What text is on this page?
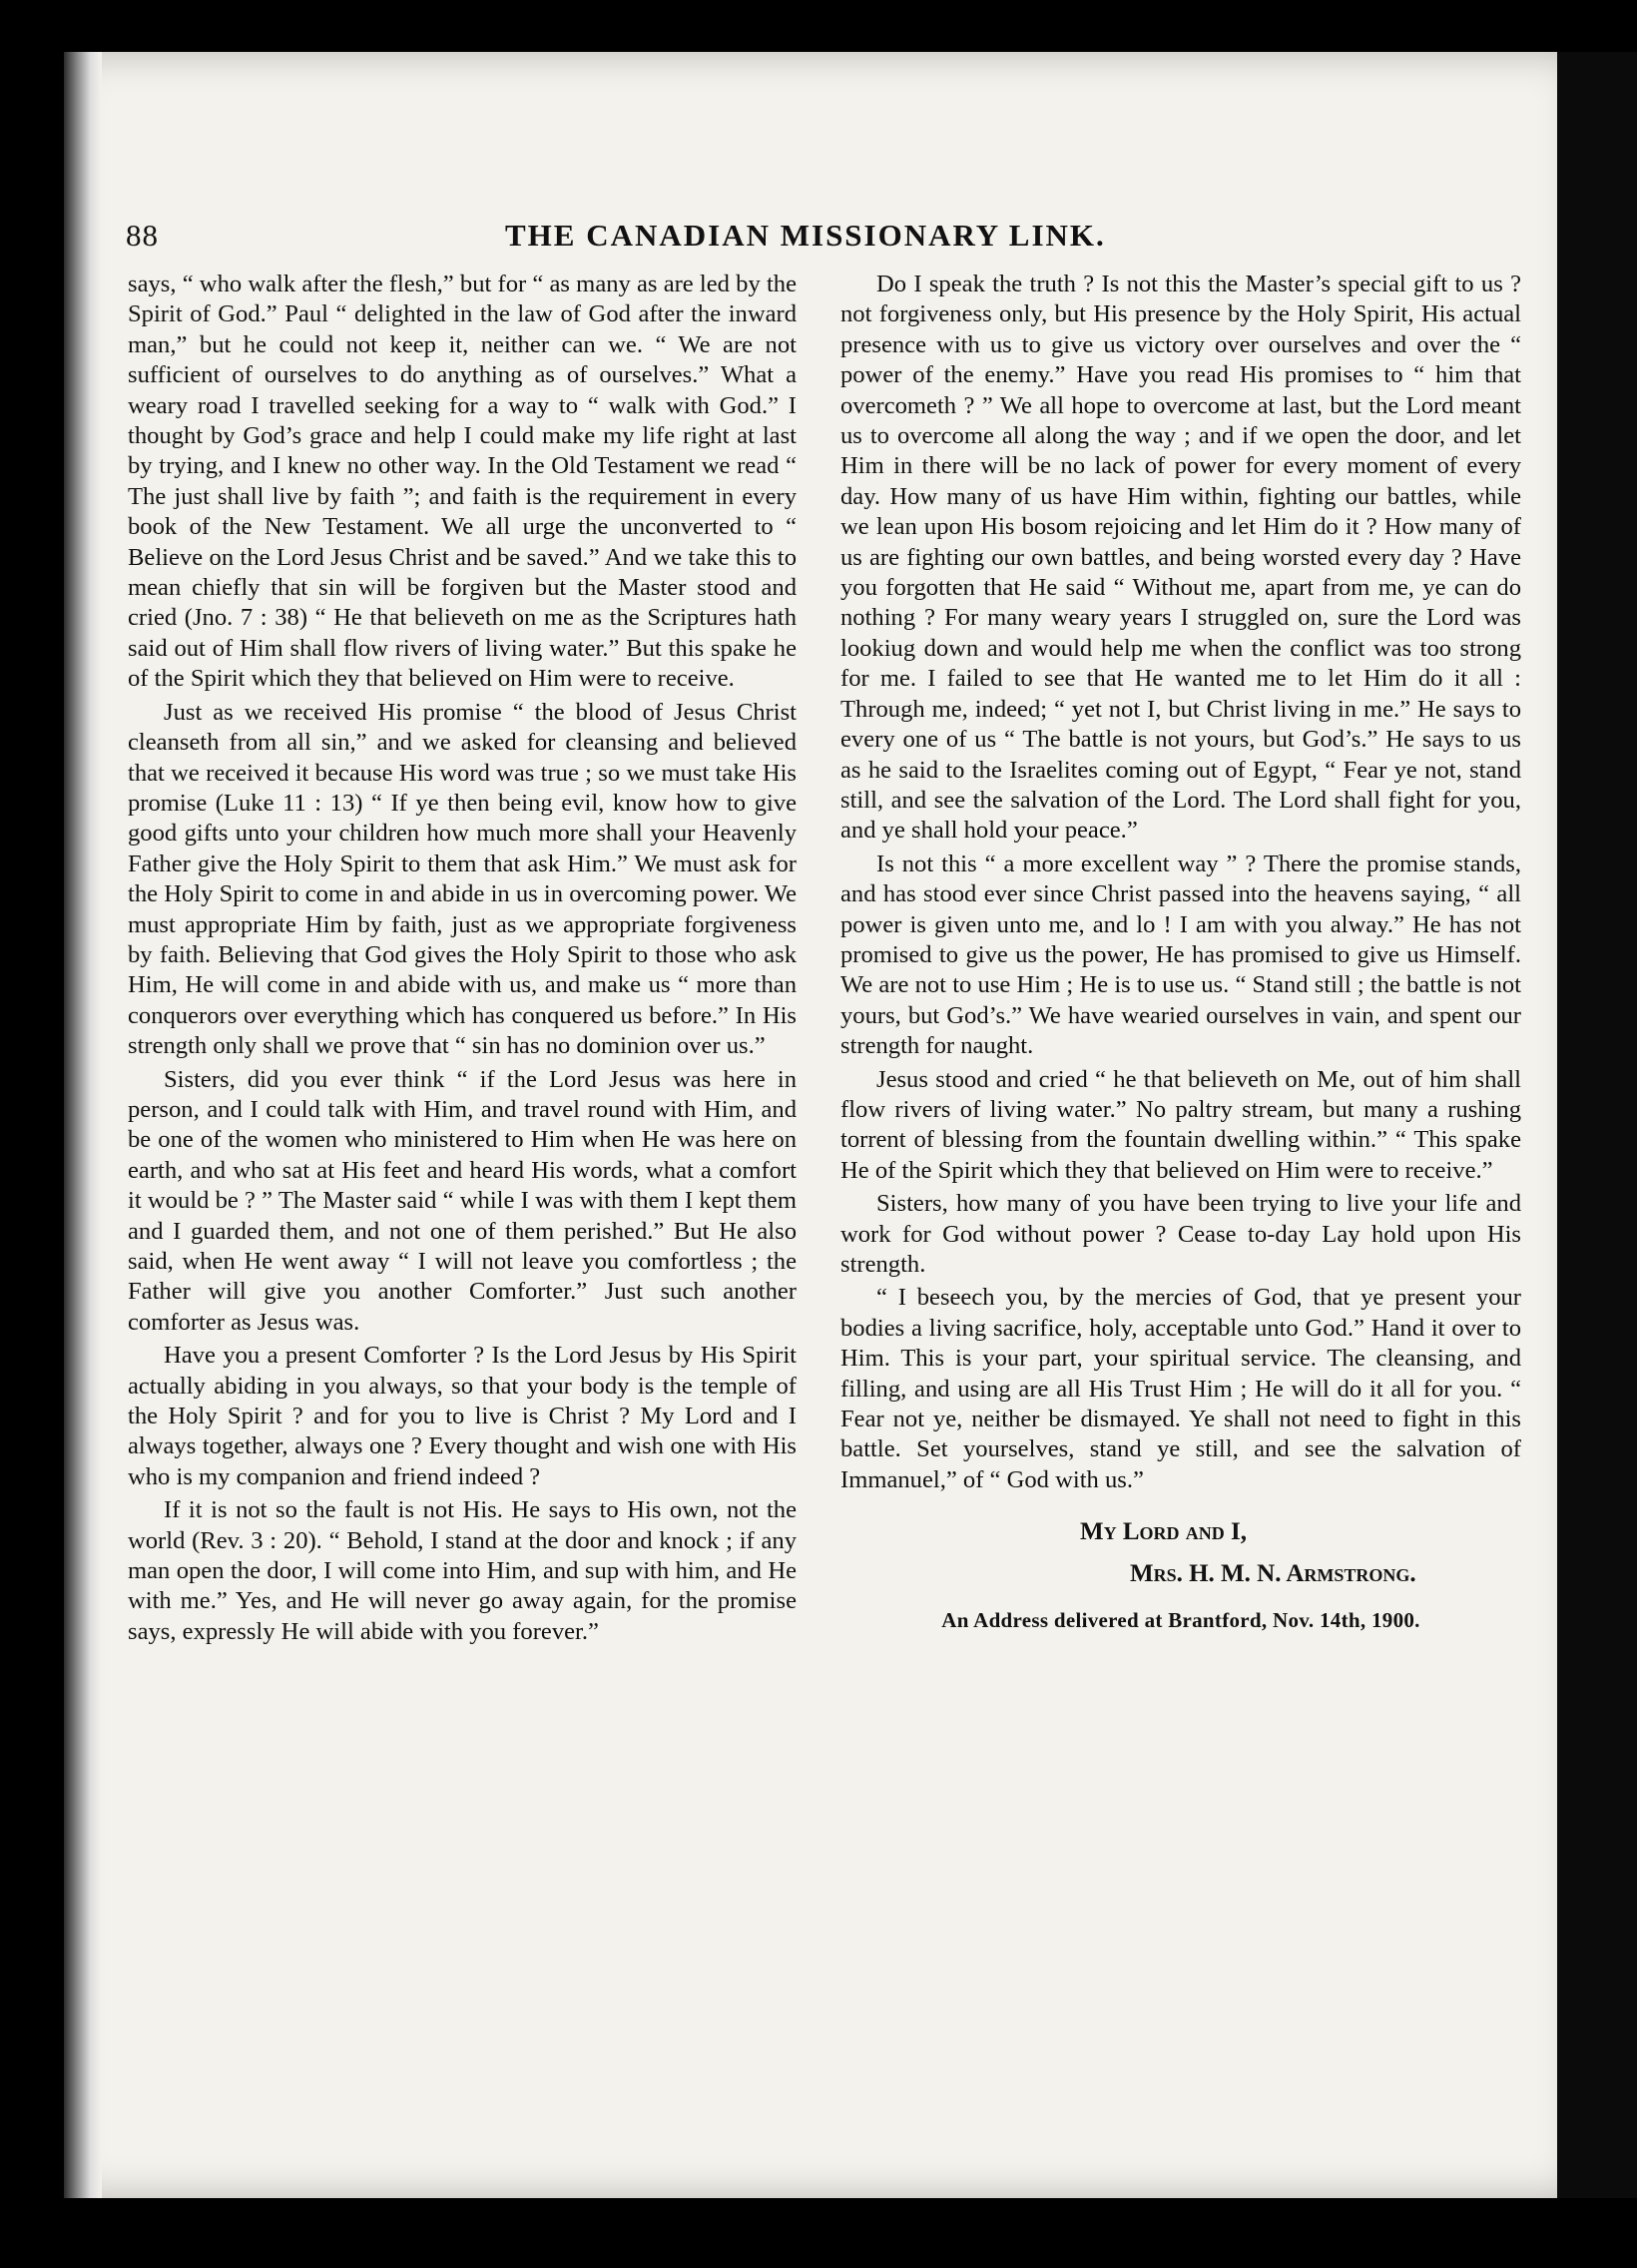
88	THE CANADIAN MISSIONARY LINK.

says, “ who walk after the flesh,” but for “ as many as are led by the Spirit of God.” Paul “ delighted in the law of God after the inward man,” but he could not keep it, neither can we. “ We are not sufficient of ourselves to do anything as of ourselves.” What a weary road I travelled seeking for a way to “ walk with God.” I thought by God’s grace and help I could make my life right at last by trying, and I knew no other way. In the Old Testament we read “ The just shall live by faith ”; and faith is the requirement in every book of the New Testament. We all urge the unconverted to “ Believe on the Lord Jesus Christ and be saved.” And we take this to mean chiefly that sin will be forgiven but the Master stood and cried (Jno. 7 : 38) “ He that believeth on me as the Scriptures hath said out of Him shall flow rivers of living water.” But this spake he of the Spirit which they that believed on Him were to receive.

Just as we received His promise “ the blood of Jesus Christ cleanseth from all sin,” and we asked for cleansing and believed that we received it because His word was true ; so we must take His promise (Luke 11 : 13) “ If ye then being evil, know how to give good gifts unto your children how much more shall your Heavenly Father give the Holy Spirit to them that ask Him.” We must ask for the Holy Spirit to come in and abide in us in overcoming power. We must appropriate Him by faith, just as we appropriate forgiveness by faith. Believing that God gives the Holy Spirit to those who ask Him, He will come in and abide with us, and make us “ more than conquerors over everything which has conquered us before.” In His strength only shall we prove that “ sin has no dominion over us.”

Sisters, did you ever think “ if the Lord Jesus was here in person, and I could talk with Him, and travel round with Him, and be one of the women who ministered to Him when He was here on earth, and who sat at His feet and heard His words, what a comfort it would be ? ” The Master said “ while I was with them I kept them and I guarded them, and not one of them perished.” But He also said, when He went away “ I will not leave you comfortless ; the Father will give you another Comforter.” Just such another comforter as Jesus was.

Have you a present Comforter ? Is the Lord Jesus by His Spirit actually abiding in you always, so that your body is the temple of the Holy Spirit ? and for you to live is Christ ? My Lord and I always together, always one ? Every thought and wish one with His who is my companion and friend indeed ?

If it is not so the fault is not His. He says to His own, not the world (Rev. 3 : 20). “ Behold, I stand at the door and knock ; if any man open the door, I will come into Him, and sup with him, and He with me.” Yes, and He will never go away again, for the promise says, expressly He will abide with you forever.”

Do I speak the truth ? Is not this the Master’s special gift to us ? not forgiveness only, but His presence by the Holy Spirit, His actual presence with us to give us victory over ourselves and over the “ power of the enemy.” Have you read His promises to “ him that overcometh ? ” We all hope to overcome at last, but the Lord meant us to overcome all along the way ; and if we open the door, and let Him in there will be no lack of power for every moment of every day. How many of us have Him within, fighting our battles, while we lean upon His bosom rejoicing and let Him do it ? How many of us are fighting our own battles, and being worsted every day ? Have you forgotten that He said “ Without me, apart from me, ye can do nothing ? For many weary years I struggled on, sure the Lord was lookiug down and would help me when the conflict was too strong for me. I failed to see that He wanted me to let Him do it all : Through me, indeed; “ yet not I, but Christ living in me.” He says to every one of us “ The battle is not yours, but God’s.” He says to us as he said to the Israelites coming out of Egypt, “ Fear ye not, stand still, and see the salvation of the Lord. The Lord shall fight for you, and ye shall hold your peace.”

Is not this “ a more excellent way ” ? There the promise stands, and has stood ever since Christ passed into the heavens saying, “ all power is given unto me, and lo ! I am with you alway.” He has not promised to give us the power, He has promised to give us Himself. We are not to use Him ; He is to use us. “ Stand still ; the battle is not yours, but God’s.” We have wearied ourselves in vain, and spent our strength for naught.

Jesus stood and cried “ he that believeth on Me, out of him shall flow rivers of living water.” No paltry stream, but many a rushing torrent of blessing from the fountain dwelling within.” “ This spake He of the Spirit which they that believed on Him were to receive.”

Sisters, how many of you have been trying to live your life and work for God without power ? Cease to-day Lay hold upon His strength.

“ I beseech you, by the mercies of God, that ye present your bodies a living sacrifice, holy, acceptable unto God.” Hand it over to Him. This is your part, your spiritual service. The cleansing, and filling, and using are all His Trust Him ; He will do it all for you. “ Fear not ye, neither be dismayed. Ye shall not need to fight in this battle. Set yourselves, stand ye still, and see the salvation of Immanuel,” of “ God with us.”

My Lord and I,
Mrs. H. M. N. Armstrong.
An Address delivered at Brantford, Nov. 14th, 1900.
